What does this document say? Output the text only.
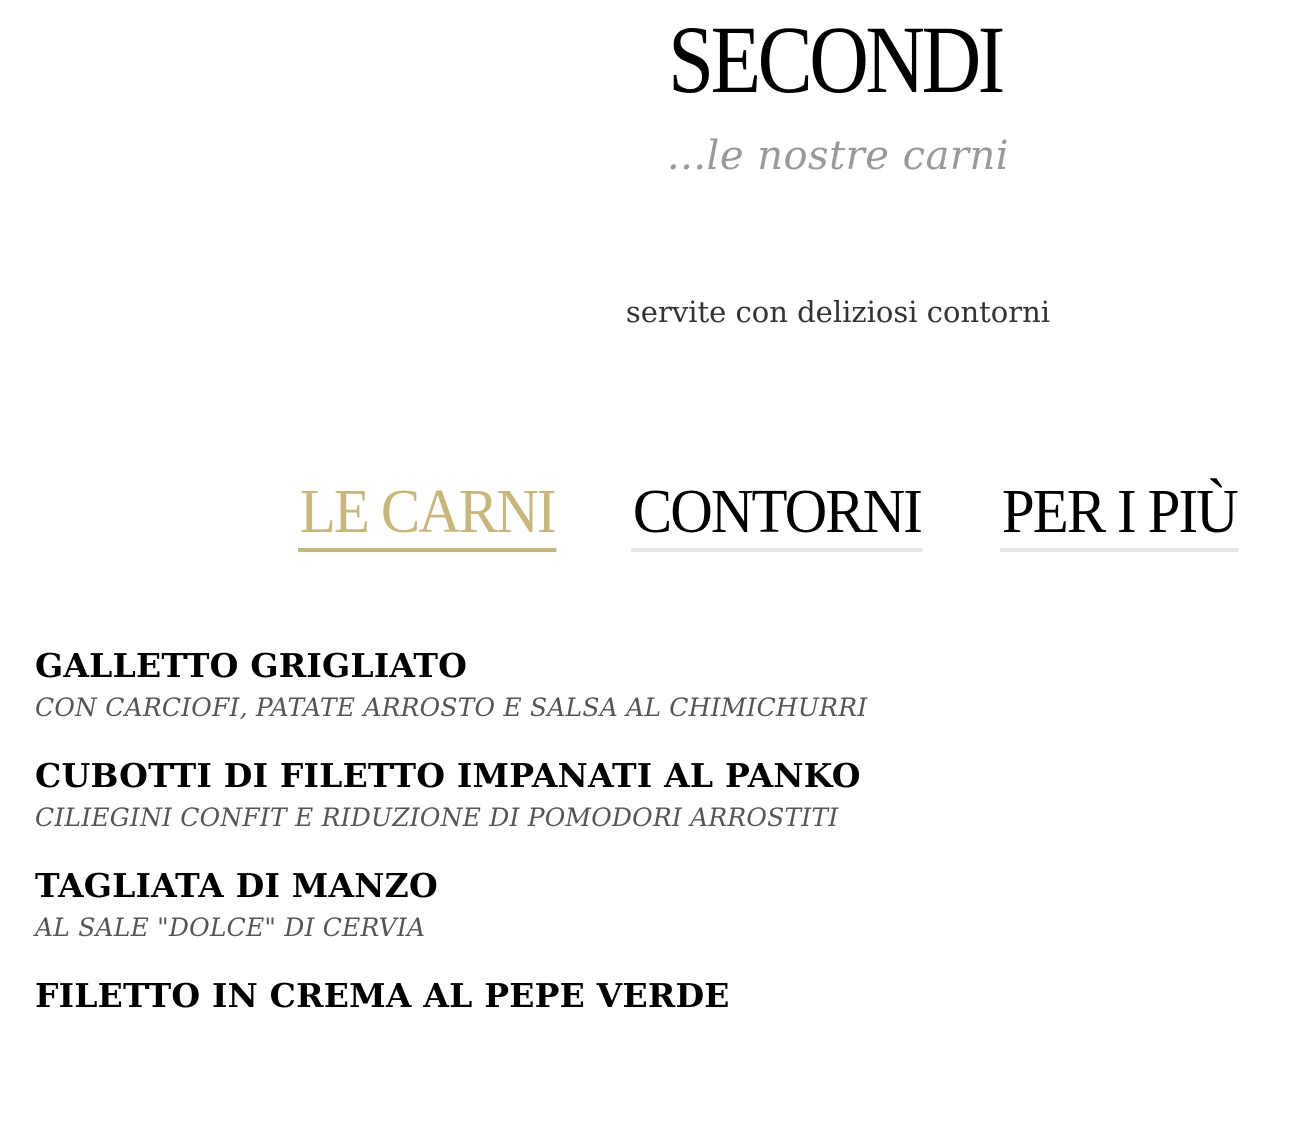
SECONDI
...le nostre carni
servite con deliziosi contorni
LE CARNI CONTORNI PER I PIÙ
GALLETTO GRIGLIATO
CON CARCIOFI, PATATE ARROSTO E SALSA AL CHIMICHURRI
CUBOTTI DI FILETTO IMPANATI AL PANKO
CILIEGINI CONFIT E RIDUZIONE DI POMODORI ARROSTITI
TAGLIATA DI MANZO
AL SALE "DOLCE" DI CERVIA
FILETTO IN CREMA AL PEPE VERDE
